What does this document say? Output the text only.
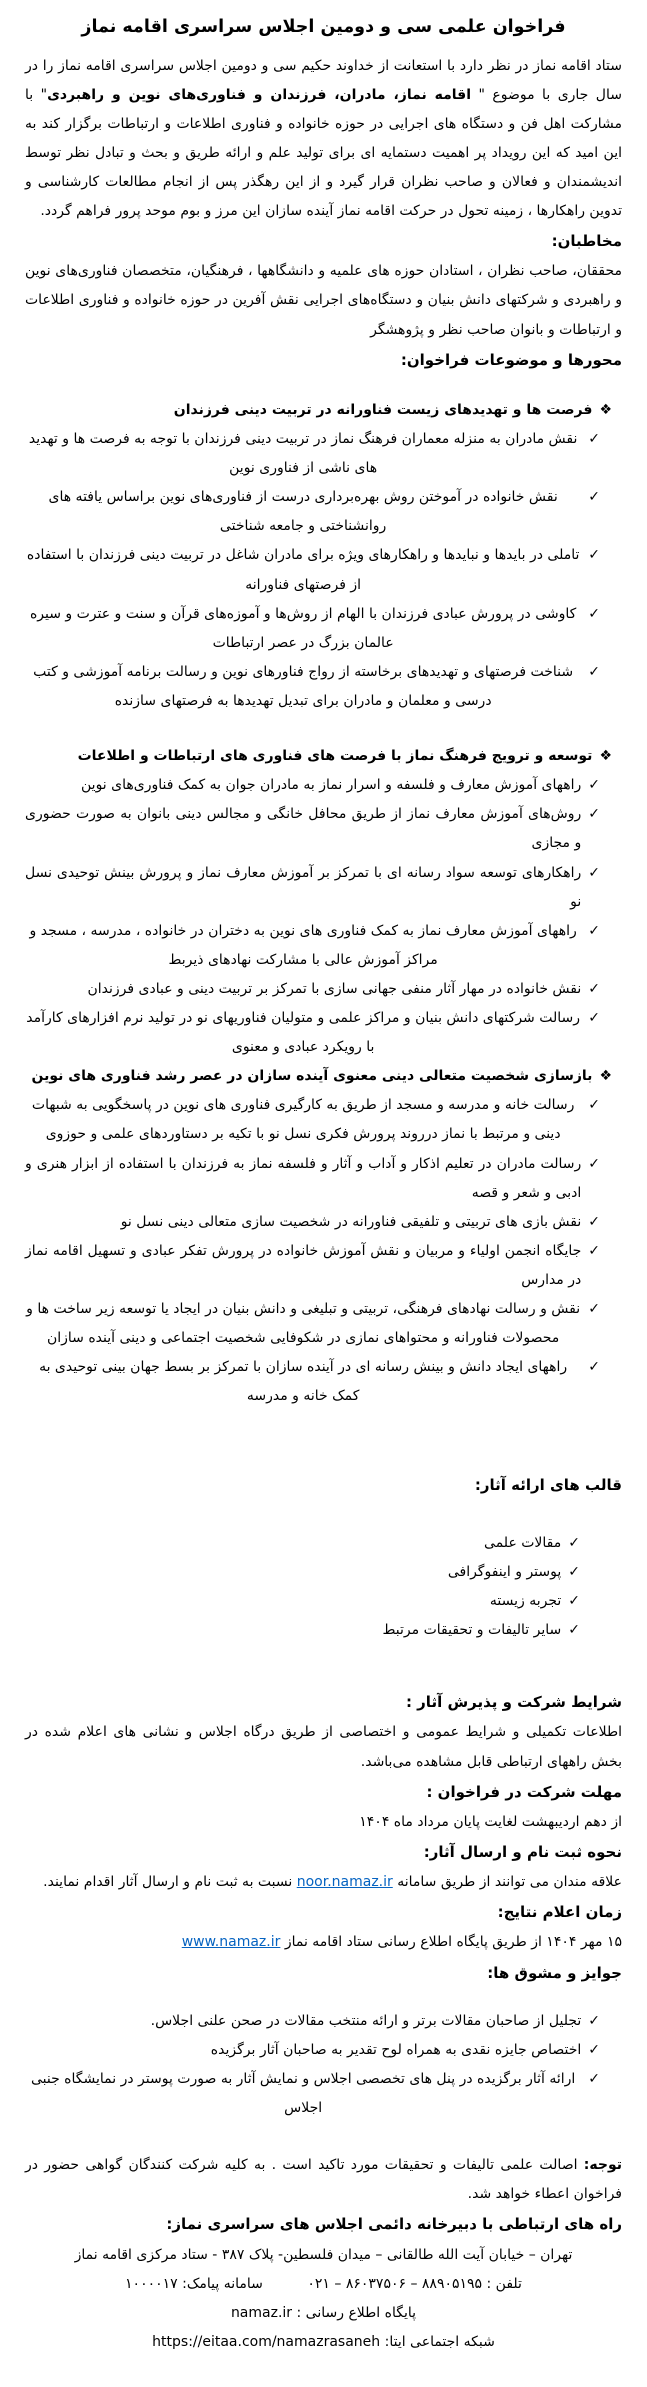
فراخوان علمی سی و دومین اجلاس سراسری اقامه نماز
ستاد اقامه نماز در نظر دارد با استعانت از خداوند حکیم سی و دومین اجلاس سراسری اقامه نماز را در سال جاری با موضوع " اقامه نماز، مادران، فرزندان و فناوری‌های نوین و راهبردی" با مشارکت اهل فن و دستگاه های اجرایی در حوزه خانواده و فناوری اطلاعات و ارتباطات برگزار کند به این امید که این رویداد پر اهمیت دستمایه ای برای تولید علم و ارائه طریق و بحث و تبادل نظر توسط اندیشمندان و فعالان و صاحب نظران قرار گیرد و از این رهگذر پس از انجام مطالعات کارشناسی و تدوین راهکارها ، زمینه تحول در حرکت اقامه نماز آینده سازان این مرز و بوم موحد پرور فراهم گردد.
مخاطبان:
محققان، صاحب نظران ، استادان حوزه های علمیه و دانشگاهها ، فرهنگیان، متخصصان فناوری‌های نوین و راهبردی و شرکتهای دانش بنیان و دستگاه‌های اجرایی نقش آفرین در حوزه خانواده و فناوری اطلاعات و ارتباطات و بانوان صاحب نظر و پژوهشگر
محورها و موضوعات فراخوان:
❖
فرصت ها و تهدیدهای زیست فناورانه در تربیت دینی فرزندان
✓
نقش مادران به منزله معماران فرهنگ نماز در تربیت دینی فرزندان با توجه به فرصت ها و تهدید های ناشی از فناوری نوین
✓
نقش خانواده در آموختن روش بهره‌برداری درست از فناوری‌های نوین براساس یافته های روانشناختی و جامعه شناختی
✓
تاملی در بایدها و نبایدها و راهکارهای ویژه برای مادران شاغل در تربیت دینی فرزندان با استفاده از فرصتهای فناورانه
✓
کاوشی در پرورش عبادی فرزندان با الهام از روش‌ها و آموزه‌های قرآن و سنت و عترت و سیره عالمان بزرگ در عصر ارتباطات
✓
شناخت فرصتهای و تهدیدهای برخاسته از رواج فناورهای نوین و رسالت برنامه آموزشی و کتب درسی و معلمان و مادران برای تبدیل تهدیدها به فرصتهای سازنده
❖
توسعه و ترویج فرهنگ نماز با فرصت های فناوری های ارتباطات و اطلاعات
✓
راههای آموزش معارف و فلسفه و اسرار نماز به مادران جوان به کمک فناوری‌های نوین
✓
روش‌های آموزش معارف نماز از طریق محافل خانگی و مجالس دینی بانوان به صورت حضوری و مجازی
✓
راهکارهای توسعه سواد رسانه ای با تمرکز بر آموزش معارف نماز و پرورش بینش توحیدی نسل نو
✓
راههای آموزش معارف نماز به کمک فناوری های نوین به دختران در خانواده ، مدرسه ، مسجد و مراکز آموزش عالی با مشارکت نهادهای ذیربط
✓
نقش خانواده در مهار آثار منفی جهانی سازی با تمرکز بر تربیت دینی و عبادی فرزندان
✓
رسالت شرکتهای دانش بنیان و مراکز علمی و متولیان فناوریهای نو در تولید نرم افزارهای کارآمد با رویکرد عبادی و معنوی
❖
بازسازی شخصیت متعالی دینی معنوی آینده سازان در عصر رشد فناوری های نوین
✓
رسالت خانه و مدرسه و مسجد از طریق به کارگیری فناوری های نوین در پاسخگویی به شبهات دینی و مرتبط با نماز درروند پرورش فکری نسل نو با تکیه بر دستاوردهای علمی و حوزوی
✓
رسالت مادران در تعلیم اذکار و آداب و آثار و فلسفه نماز به فرزندان با استفاده از ابزار هنری و ادبی و شعر و قصه
✓
نقش بازی های تربیتی و تلفیقی فناورانه در شخصیت سازی متعالی دینی نسل نو
✓
جایگاه انجمن اولیاء و مربیان و نقش آموزش خانواده در پرورش تفکر عبادی و تسهیل اقامه نماز در مدارس
✓
نقش و رسالت نهادهای فرهنگی، تربیتی و تبلیغی و دانش بنیان در ایجاد یا توسعه زیر ساخت ها و محصولات فناورانه و محتواهای نمازی در شکوفایی شخصیت اجتماعی و دینی آینده سازان
✓
راههای ایجاد دانش و بینش رسانه ای در آینده سازان با تمرکز بر بسط جهان بینی توحیدی به کمک خانه و مدرسه
قالب های ارائه آثار:
✓
مقالات علمی
✓
پوستر و اینفوگرافی
✓
تجربه زیسته
✓
سایر تالیفات و تحقیقات مرتبط
شرایط شرکت و پذیرش آثار :
اطلاعات تکمیلی و شرایط عمومی و اختصاصی از طریق درگاه اجلاس و نشانی های اعلام شده در بخش راههای ارتباطی قابل مشاهده می‌باشد.
مهلت شرکت در فراخوان :
از دهم اردیبهشت لغایت پایان مرداد ماه ۱۴۰۴
نحوه ثبت نام و ارسال آثار:
علاقه مندان می توانند از طریق سامانه noor.namaz.ir نسبت به ثبت نام و ارسال آثار اقدام نمایند.
زمان اعلام نتایج:
۱۵ مهر ۱۴۰۴ از طریق پایگاه اطلاع رسانی ستاد اقامه نماز www.namaz.ir
جوایز و مشوق ها:
✓
تجلیل از صاحبان مقالات برتر و ارائه منتخب مقالات در صحن علنی اجلاس.
✓
اختصاص جایزه نقدی به همراه لوح تقدیر به صاحبان آثار برگزیده
✓
ارائه آثار برگزیده در پنل های تخصصی اجلاس و نمایش آثار به صورت پوستر در نمایشگاه جنبی اجلاس
توجه: اصالت علمی تالیفات و تحقیقات مورد تاکید است . به کلیه شرکت کنندگان گواهی حضور در فراخوان اعطاء خواهد شد.
راه های ارتباطی با دبیرخانه دائمی اجلاس های سراسری نماز:
تهران – خیابان آیت الله طالقانی – میدان فلسطین- پلاک ۳۸۷ - ستاد مرکزی اقامه نماز
تلفن : ۸۸۹۰۵۱۹۵ – ۸۶۰۳۷۵۰۶ – ۰۲۱          سامانه پیامک: ۱۰۰۰۰۱۷
پایگاه اطلاع رسانی : namaz.ir
شبکه اجتماعی ایتا: https://eitaa.com/namazrasaneh
